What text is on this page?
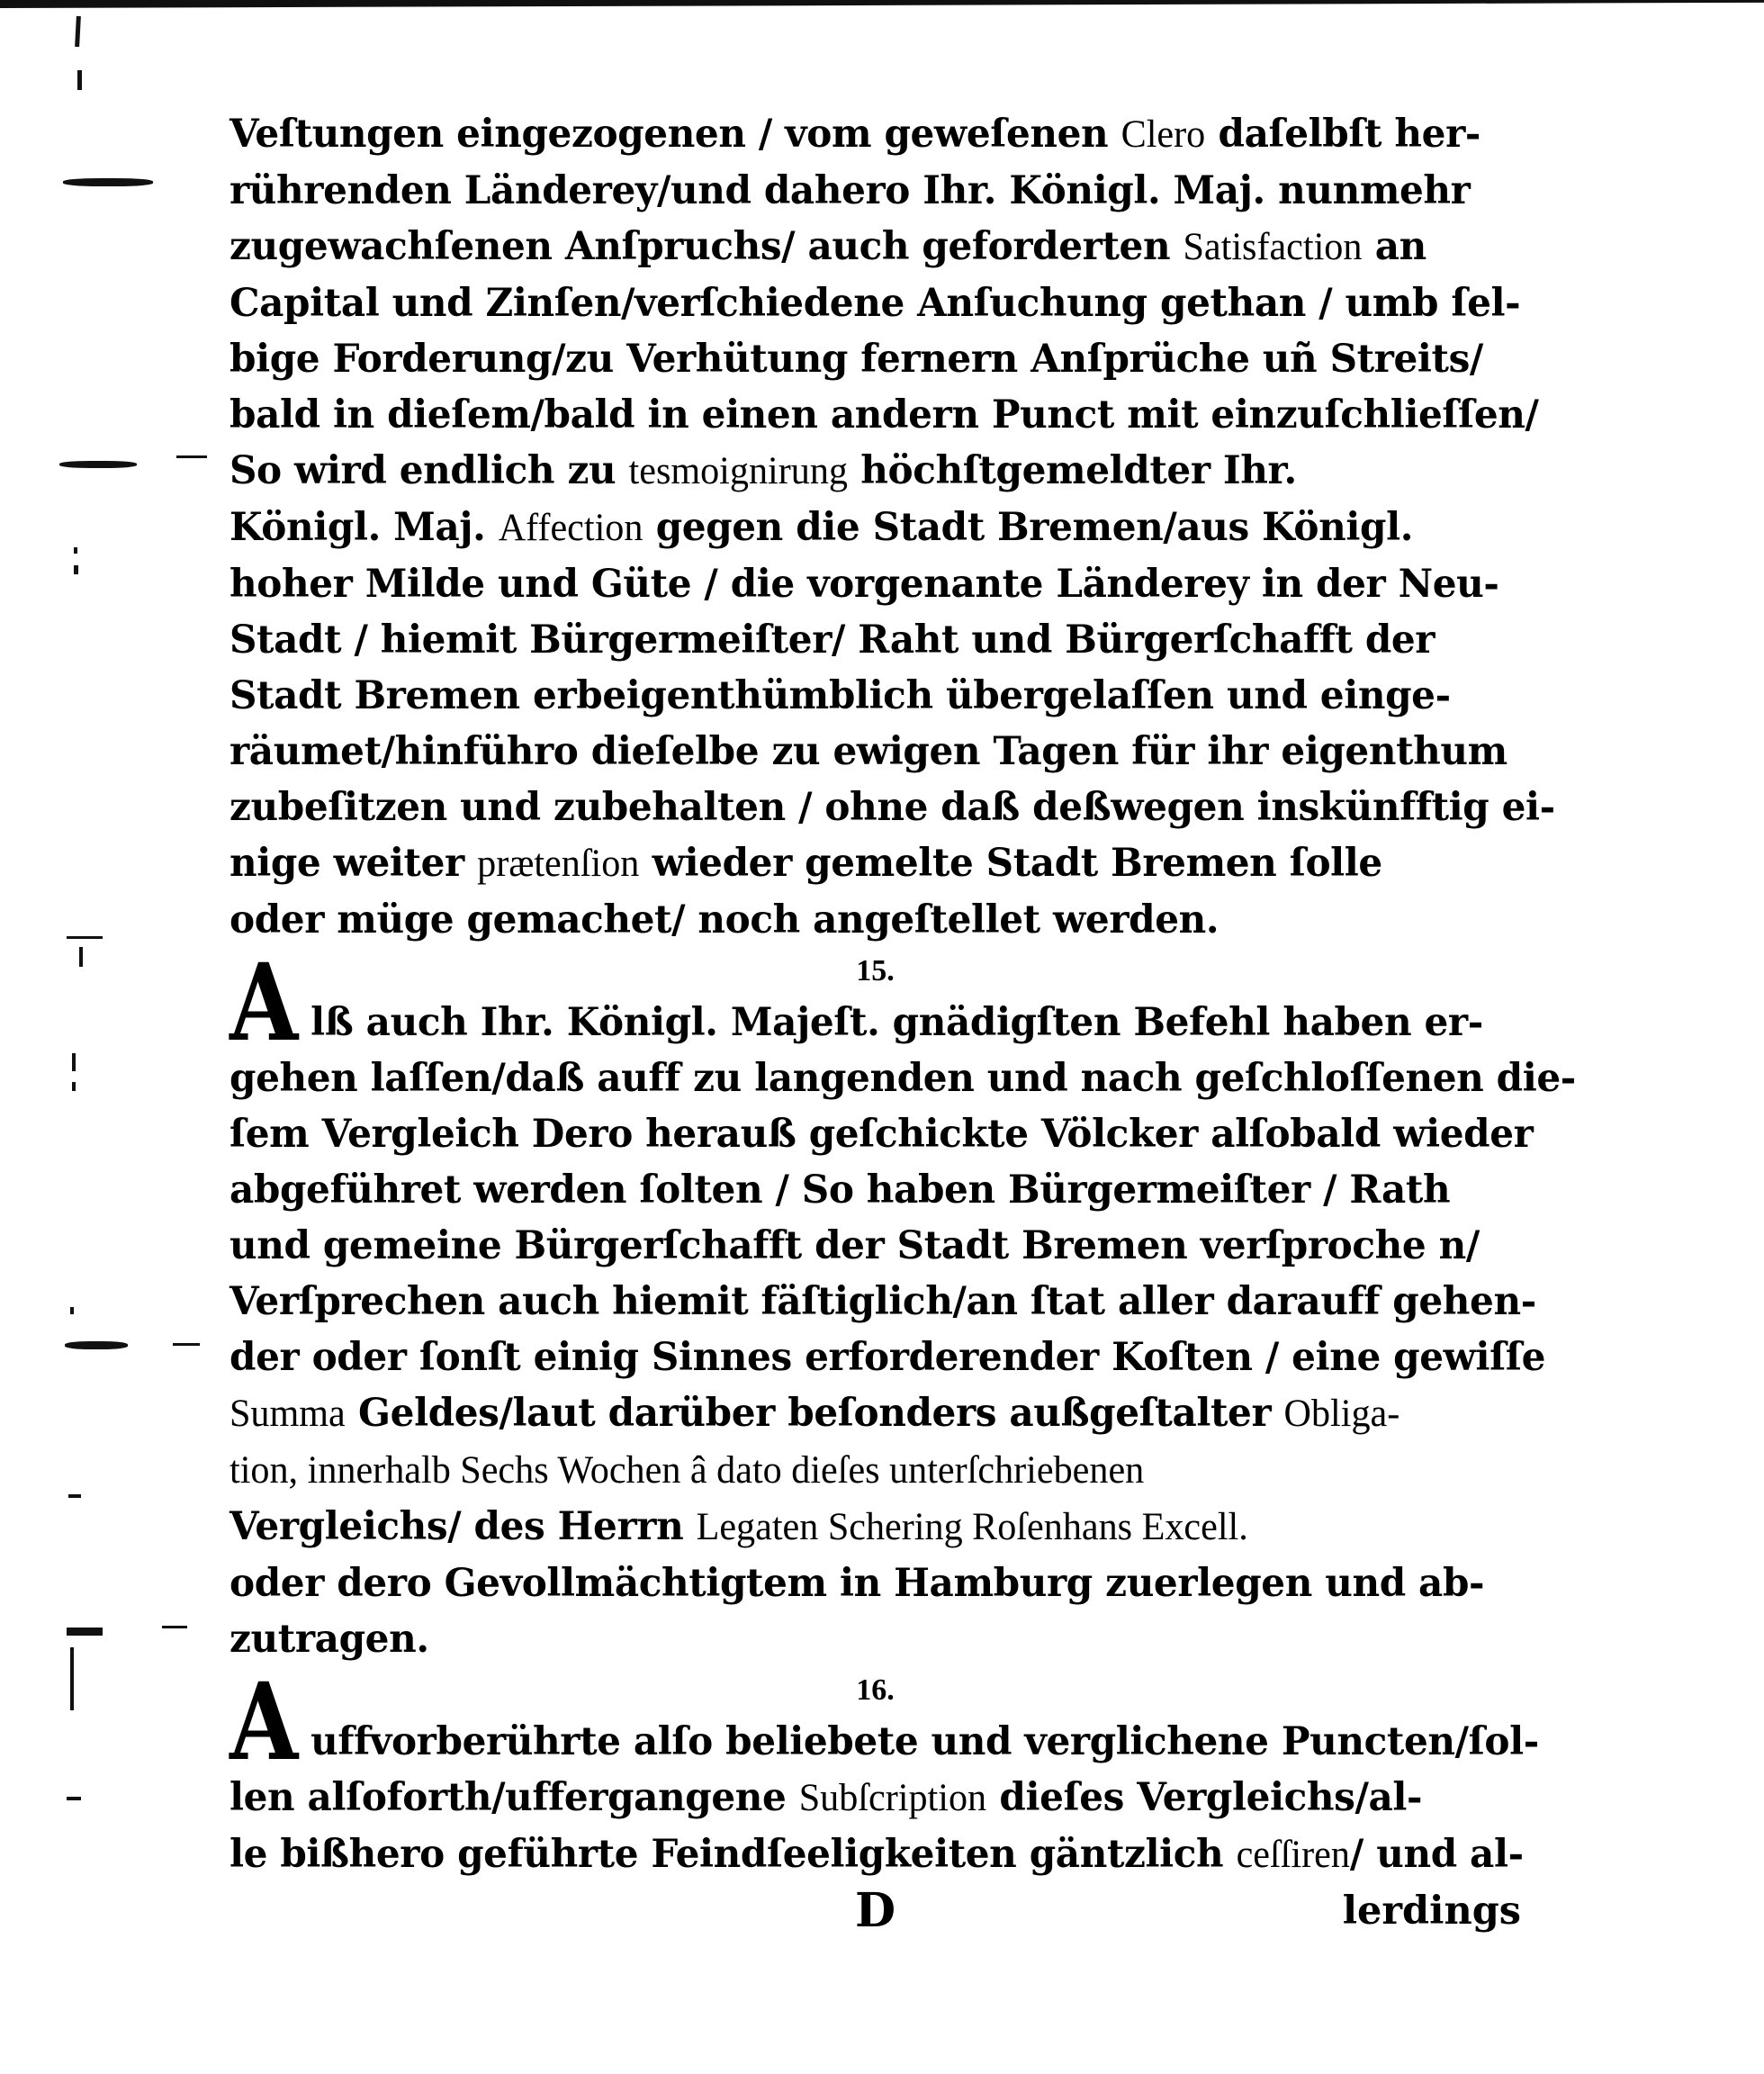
Veſtungen eingezogenen / vom geweſenen Clero daſelbſt her-
rührenden Länderey/und dahero Ihr. Königl. Maj. nunmehr
zugewachſenen Anſpruchs/ auch geforderten Satisfaction an
Capital und Zinſen/verſchiedene Anſuchung gethan / umb ſel-
bige Forderung/zu Verhütung fernern Anſprüche uñ Streits/
bald in dieſem/bald in einen andern Punct mit einzuſchlieſſen/
So wird endlich zu tesmoignirung höchſtgemeldter Ihr.
Königl. Maj. Affection gegen die Stadt Bremen/aus Königl.
hoher Milde und Güte / die vorgenante Länderey in der Neu-
Stadt / hiemit Bürgermeiſter/ Raht und Bürgerſchafft der
Stadt Bremen erbeigenthümblich übergelaſſen und einge-
räumet/hinführo dieſelbe zu ewigen Tagen für ihr eigenthum
zubeſitzen und zubehalten / ohne daß deßwegen inskünfftig ei-
nige weiter prætenſion wieder gemelte Stadt Bremen ſolle
oder müge gemachet/ noch angeſtellet werden.
15.
A lß auch Ihr. Königl. Majeſt. gnädigſten Befehl haben er-
gehen laſſen/daß auff zu langenden und nach geſchloſſenen die-
ſem Vergleich Dero herauß geſchickte Völcker alſobald wieder
abgeführet werden ſolten / So haben Bürgermeiſter / Rath
und gemeine Bürgerſchafft der Stadt Bremen verſproche n/
Verſprechen auch hiemit fäſtiglich/an ſtat aller darauff gehen-
der oder ſonſt einig Sinnes erforderender Koſten / eine gewiſſe
Summa Geldes/laut darüber beſonders außgeſtalter Obliga-
tion, innerhalb Sechs Wochen â dato dieſes unterſchriebenen
Vergleichs/ des Herrn Legaten Schering Roſenhans Excell.
oder dero Gevollmächtigtem in Hamburg zuerlegen und ab-
zutragen.
16.
A uffvorberührte alſo beliebete und verglichene Puncten/ſol-
len alſoforth/uffergangene Subſcription dieſes Vergleichs/al-
le bißhero geführte Feindſeeligkeiten gäntzlich ceſſiren/ und al-
D	lerdings
